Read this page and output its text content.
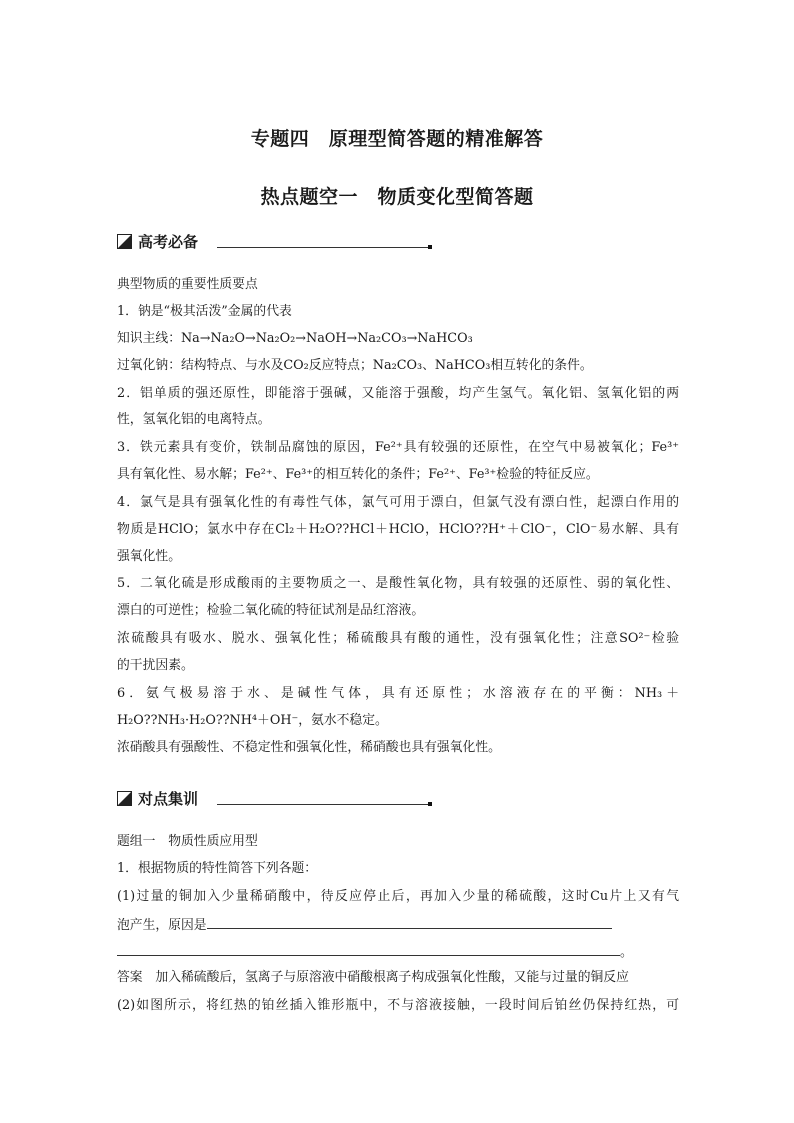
专题四　原理型简答题的精准解答
热点题空一　物质变化型简答题
高考必备
典型物质的重要性质要点
1．钠是“极其活泼”金属的代表
知识主线：Na→Na₂O→Na₂O₂→NaOH→Na₂CO₃→NaHCO₃
过氧化钠：结构特点、与水及CO₂反应特点；Na₂CO₃、NaHCO₃相互转化的条件。
2．铝单质的强还原性，即能溶于强碱，又能溶于强酸，均产生氢气。氧化铝、氢氧化铝的两
性，氢氧化铝的电离特点。
3．铁元素具有变价，铁制品腐蚀的原因，Fe²⁺具有较强的还原性，在空气中易被氧化；Fe³⁺
具有氧化性、易水解；Fe²⁺、Fe³⁺的相互转化的条件；Fe²⁺、Fe³⁺检验的特征反应。
4．氯气是具有强氧化性的有毒性气体，氯气可用于漂白，但氯气没有漂白性，起漂白作用的
物质是HClO；氯水中存在Cl₂＋H₂O??HCl＋HClO，HClO??H⁺＋ClO⁻，ClO⁻易水解、具有
强氧化性。
5．二氧化硫是形成酸雨的主要物质之一、是酸性氧化物，具有较强的还原性、弱的氧化性、
漂白的可逆性；检验二氧化硫的特征试剂是品红溶液。
浓硫酸具有吸水、脱水、强氧化性；稀硫酸具有酸的通性，没有强氧化性；注意SO²⁻检验
的干扰因素。
6．氨气极易溶于水、是碱性气体，具有还原性；水溶液存在的平衡：NH₃＋
H₂O??NH₃·H₂O??NH⁴＋OH⁻，氨水不稳定。
浓硝酸具有强酸性、不稳定性和强氧化性，稀硝酸也具有强氧化性。
对点集训
题组一　物质性质应用型
1．根据物质的特性简答下列各题：
(1)过量的铜加入少量稀硝酸中，待反应停止后，再加入少量的稀硫酸，这时Cu片上又有气
泡产生，原因是
。
答案　加入稀硫酸后，氢离子与原溶液中硝酸根离子构成强氧化性酸，又能与过量的铜反应
(2)如图所示，将红热的铂丝插入锥形瓶中，不与溶液接触，一段时间后铂丝仍保持红热，可
